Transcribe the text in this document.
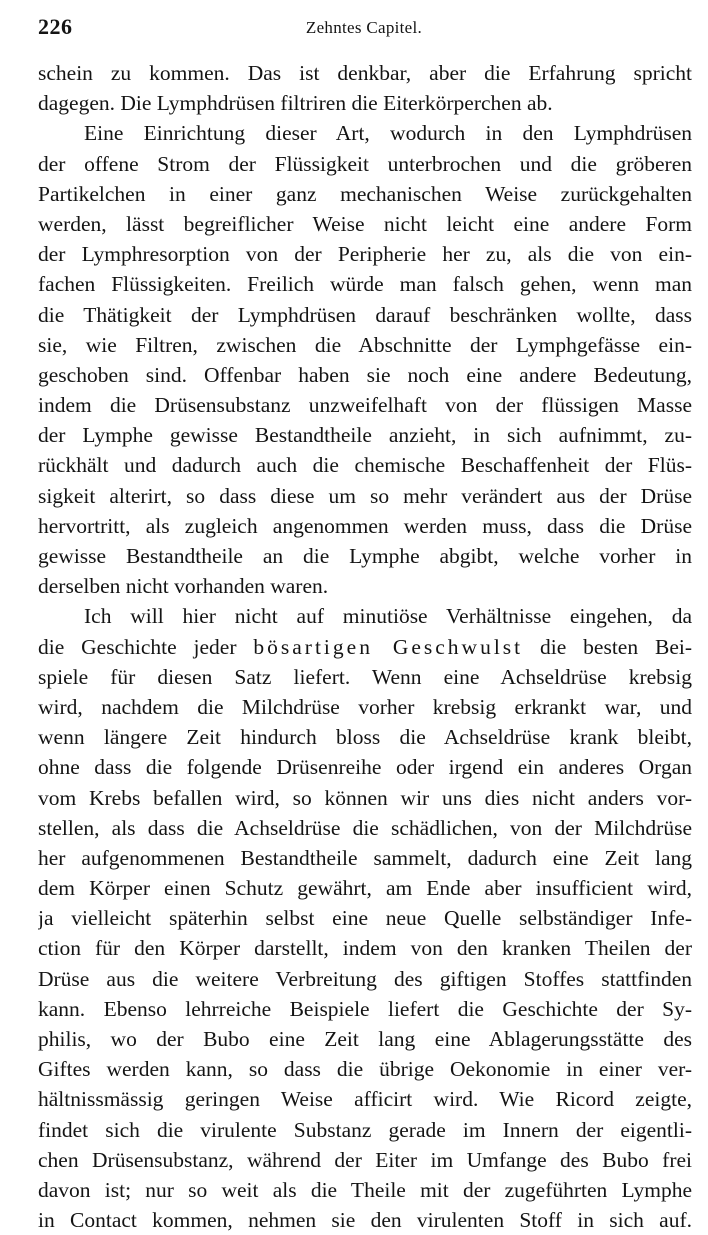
226	Zehntes Capitel.
schein zu kommen. Das ist denkbar, aber die Erfahrung spricht
dagegen. Die Lymphdrüsen filtriren die Eiterkörperchen ab.
Eine Einrichtung dieser Art, wodurch in den Lymphdrüsen
der offene Strom der Flüssigkeit unterbrochen und die gröberen
Partikelchen in einer ganz mechanischen Weise zurückgehalten
werden, lässt begreiflicher Weise nicht leicht eine andere Form
der Lymphresorption von der Peripherie her zu, als die von ein-
fachen Flüssigkeiten. Freilich würde man falsch gehen, wenn man
die Thätigkeit der Lymphdrüsen darauf beschränken wollte, dass
sie, wie Filtren, zwischen die Abschnitte der Lymphgefässe ein-
geschoben sind. Offenbar haben sie noch eine andere Bedeutung,
indem die Drüsensubstanz unzweifelhaft von der flüssigen Masse
der Lymphe gewisse Bestandtheile anzieht, in sich aufnimmt, zu-
rückhält und dadurch auch die chemische Beschaffenheit der Flüs-
sigkeit alterirt, so dass diese um so mehr verändert aus der Drüse
hervortritt, als zugleich angenommen werden muss, dass die Drüse
gewisse Bestandtheile an die Lymphe abgibt, welche vorher in
derselben nicht vorhanden waren.
Ich will hier nicht auf minutiöse Verhältnisse eingehen, da
die Geschichte jeder bösartigen Geschwulst die besten Bei-
spiele für diesen Satz liefert. Wenn eine Achseldrüse krebsig
wird, nachdem die Milchdrüse vorher krebsig erkrankt war, und
wenn längere Zeit hindurch bloss die Achseldrüse krank bleibt,
ohne dass die folgende Drüsenreihe oder irgend ein anderes Organ
vom Krebs befallen wird, so können wir uns dies nicht anders vor-
stellen, als dass die Achseldrüse die schädlichen, von der Milchdrüse
her aufgenommenen Bestandtheile sammelt, dadurch eine Zeit lang
dem Körper einen Schutz gewährt, am Ende aber insufficient wird,
ja vielleicht späterhin selbst eine neue Quelle selbständiger Infe-
ction für den Körper darstellt, indem von den kranken Theilen der
Drüse aus die weitere Verbreitung des giftigen Stoffes stattfinden
kann. Ebenso lehrreiche Beispiele liefert die Geschichte der Sy-
philis, wo der Bubo eine Zeit lang eine Ablagerungsstätte des
Giftes werden kann, so dass die übrige Oekonomie in einer ver-
hältnissmässig geringen Weise afficirt wird. Wie Ricord zeigte,
findet sich die virulente Substanz gerade im Innern der eigentli-
chen Drüsensubstanz, während der Eiter im Umfange des Bubo frei
davon ist; nur so weit als die Theile mit der zugeführten Lymphe
in Contact kommen, nehmen sie den virulenten Stoff in sich auf.
